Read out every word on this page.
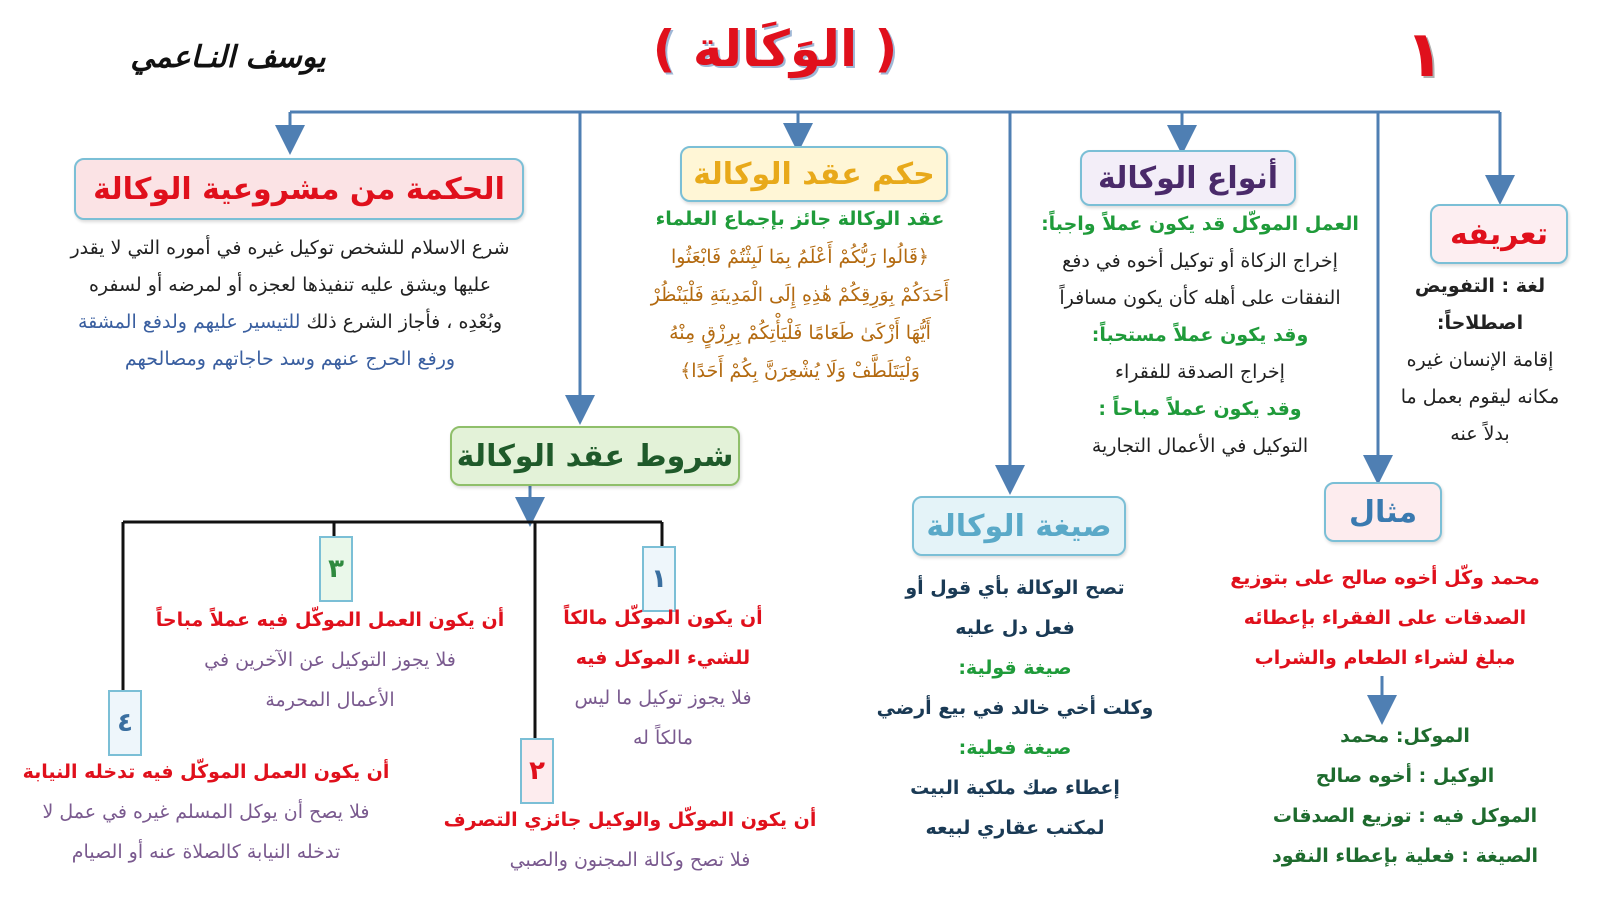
١
( الوَكَالة )
يوسف النـاعمي
تعريفه
لغة : التفويض
اصطلاحاً:
إقامة الإنسان غيره
مكانه ليقوم بعمل ما
بدلاً عنه
أنواع الوكالة
العمل الموكّل قد يكون عملاً واجباً:
إخراج الزكاة أو توكيل أخوه في دفع
النفقات على أهله كأن يكون مسافراً
وقد يكون عملاً مستحباً:
إخراج الصدقة للفقراء
وقد يكون عملاً مباحاً :
التوكيل في الأعمال التجارية
حكم عقد الوكالة
عقد الوكالة جائز بإجماع العلماء
﴿قَالُوا رَبُّكُمْ أَعْلَمُ بِمَا لَبِثْتُمْ فَابْعَثُوا
أَحَدَكُمْ بِوَرِقِكُمْ هَٰذِهِ إِلَى الْمَدِينَةِ فَلْيَنْظُرْ
أَيُّهَا أَزْكَىٰ طَعَامًا فَلْيَأْتِكُمْ بِرِزْقٍ مِنْهُ
وَلْيَتَلَطَّفْ وَلَا يُشْعِرَنَّ بِكُمْ أَحَدًا﴾
الحكمة من مشروعية الوكالة
شرع الاسلام للشخص توكيل غيره في أموره التي لا يقدر
عليها ويشق عليه تنفيذها لعجزه أو لمرضه أو لسفره
وبُعْدِه ، فأجاز الشرع ذلك للتيسير عليهم ولدفع المشقة
ورفع الحرج عنهم وسد حاجاتهم ومصالحهم
شروط عقد الوكالة
١
أن يكون الموكّل مالكاً
للشيء الموكل فيه
فلا يجوز توكيل ما ليس
مالكاً له
٣
أن يكون العمل الموكّل فيه عملاً مباحاً
فلا يجوز التوكيل عن الآخرين في
الأعمال المحرمة
٢
أن يكون الموكّل والوكيل جائزي التصرف
فلا تصح وكالة المجنون والصبي
٤
أن يكون العمل الموكّل فيه تدخله النيابة
فلا يصح أن يوكل المسلم غيره في عمل لا
تدخله النيابة كالصلاة عنه أو الصيام
صيغة الوكالة
تصح الوكالة بأي قول أو
فعل دل عليه
صيغة قولية:
وكلت أخي خالد في بيع أرضي
صيغة فعلية:
إعطاء صك ملكية البيت
لمكتب عقاري لبيعه
مثال
محمد وكّل أخوه صالح على بتوزيع
الصدقات على الفقراء بإعطائه
مبلغ لشراء الطعام والشراب
الموكل: محمد
الوكيل : أخوه صالح
الموكل فيه : توزيع الصدقات
الصيغة : فعلية بإعطاء النقود
